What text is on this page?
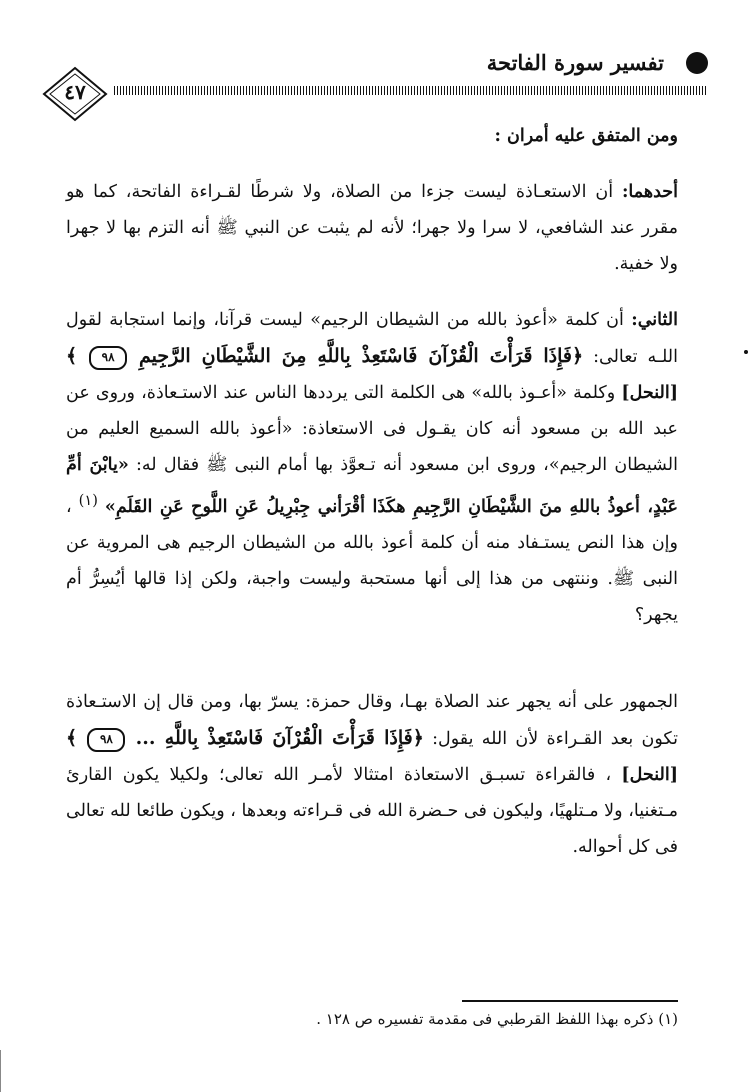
تفسير سورة الفاتحة
٤٧

ومن المتفق عليه أمران :

أحدهما: أن الاستعـاذة ليست جزءا من الصلاة، ولا شرطًا لقـراءة الفاتحة، كما هو مقرر عند الشافعي، لا سرا ولا جهرا؛ لأنه لم يثبت عن النبي ﷺ أنه التزم بها لا جهرا ولا خفية.

الثاني: أن كلمة «أعوذ بالله من الشيطان الرجيم» ليست قرآنا، وإنما استجابة لقول اللـه تعالى: ﴿فَإِذَا قَرَأْتَ الْقُرْآنَ فَاسْتَعِذْ بِاللَّهِ مِنَ الشَّيْطَانِ الرَّجِيمِ ٩٨ ﴾ [النحل] وكلمة «أعـوذ بالله» هى الكلمة التى يرددها الناس عند الاستـعاذة، وروى عن عبد الله بن مسعود أنه كان يقـول فى الاستعاذة: «أعوذ بالله السميع العليم من الشيطان الرجيم»، وروى ابن مسعود أنه تـعوَّذ بها أمام النبى ﷺ فقال له: «يابْنَ أمِّ عَبْدٍ، أعوذُ باللهِ منَ الشَّيْطَانِ الرَّجِيمِ هكَذَا أقْرَأني جِبْرِيلُ عَنِ اللَّوحِ عَنِ القَلَمِ» $^{(١)}$ ، وإن هذا النص يستـفاد منه أن كلمة أعوذ بالله من الشيطان الرجيم هى المروية عن النبى ﷺ. وننتهى من هذا إلى أنها مستحبة وليست واجبة، ولكن إذا قالها أيُسِرُّ أم يجهر؟

الجمهور على أنه يجهر عند الصلاة بهـا، وقال حمزة: يسرّ بها، ومن قال إن الاستـعاذة تكون بعد القـراءة لأن الله يقول: ﴿فَإِذَا قَرَأْتَ الْقُرْآنَ فَاسْتَعِذْ بِاللَّهِ ... ٩٨ ﴾ [النحل] ، فالقراءة تسبـق الاستعاذة امتثالا لأمـر الله تعالى؛ ولكيلا يكون القارئ مـتغنيا، ولا مـتلهيًا، وليكون فى حـضرة الله فى قـراءته وبعدها ، ويكون طائعا لله تعالى فى كل أحواله.

(١) ذكره بهذا اللفظ القرطبي فى مقدمة تفسيره ص ١٢٨ .
